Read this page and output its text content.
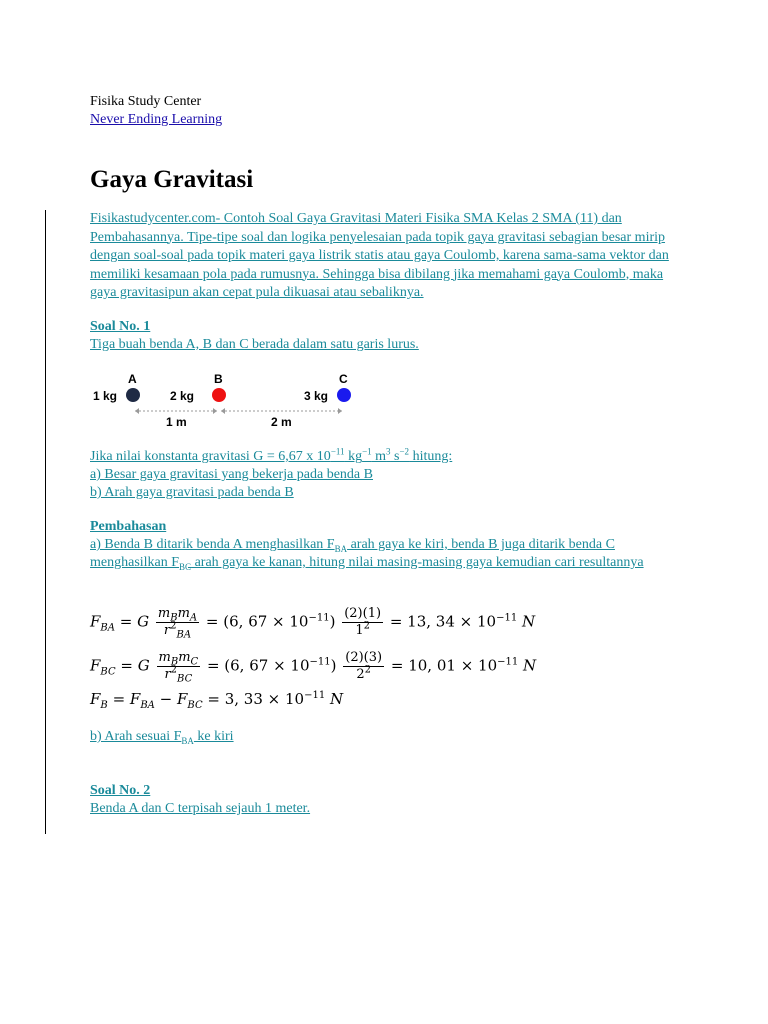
Fisika Study Center
Never Ending Learning
Gaya Gravitasi

Fisikastudycenter.com- Contoh Soal Gaya Gravitasi Materi Fisika SMA Kelas 2 SMA (11) dan Pembahasannya. Tipe-tipe soal dan logika penyelesaian pada topik gaya gravitasi sebagian besar mirip dengan soal-soal pada topik materi gaya listrik statis atau gaya Coulomb, karena sama-sama vektor dan memiliki kesamaan pola pada rumusnya. Sehingga bisa dibilang jika memahami gaya Coulomb, maka gaya gravitasipun akan cepat pula dikuasai atau sebaliknya.

Soal No. 1
Tiga buah benda A, B dan C berada dalam satu garis lurus.
1 kg
A
2 kg
B
3 kg
C
1 m	2 m
Jika nilai konstanta gravitasi G = 6,67 x $10^{-11}$ $kg^{-1}$ $m^3$ $s^{-2}$ hitung:
a) Besar gaya gravitasi yang bekerja pada benda B
b) Arah gaya gravitasi pada benda B
Pembahasan
a) Benda B ditarik benda A menghasilkan $F_{BA}$ arah gaya ke kiri, benda B juga ditarik benda C menghasilkan $F_{BC}$ arah gaya ke kanan, hitung nilai masing-masing gaya kemudian cari resultannya
$F_{BA} = G \frac{m_Bm_A}{r^2_{BA}} = (6$, $67 \times 10^{-11}) \frac{(2)(1)}{1^2} = 13$, $34 \times 10^{-11}$ N
$F_{BC} = G \frac{m_Bm_C}{r^2_{BC}} = (6$, $67 \times 10^{-11}) \frac{(2)(3)}{2^2} = 10$, $01 \times 10^{-11}$ N
$F_B = F_{BA} - F_{BC} = 3$, $33 \times 10^{-11}$ N
b) Arah sesuai $F_{BA}$ ke kiri
Soal No. 2
Benda A dan C terpisah sejauh 1 meter.
